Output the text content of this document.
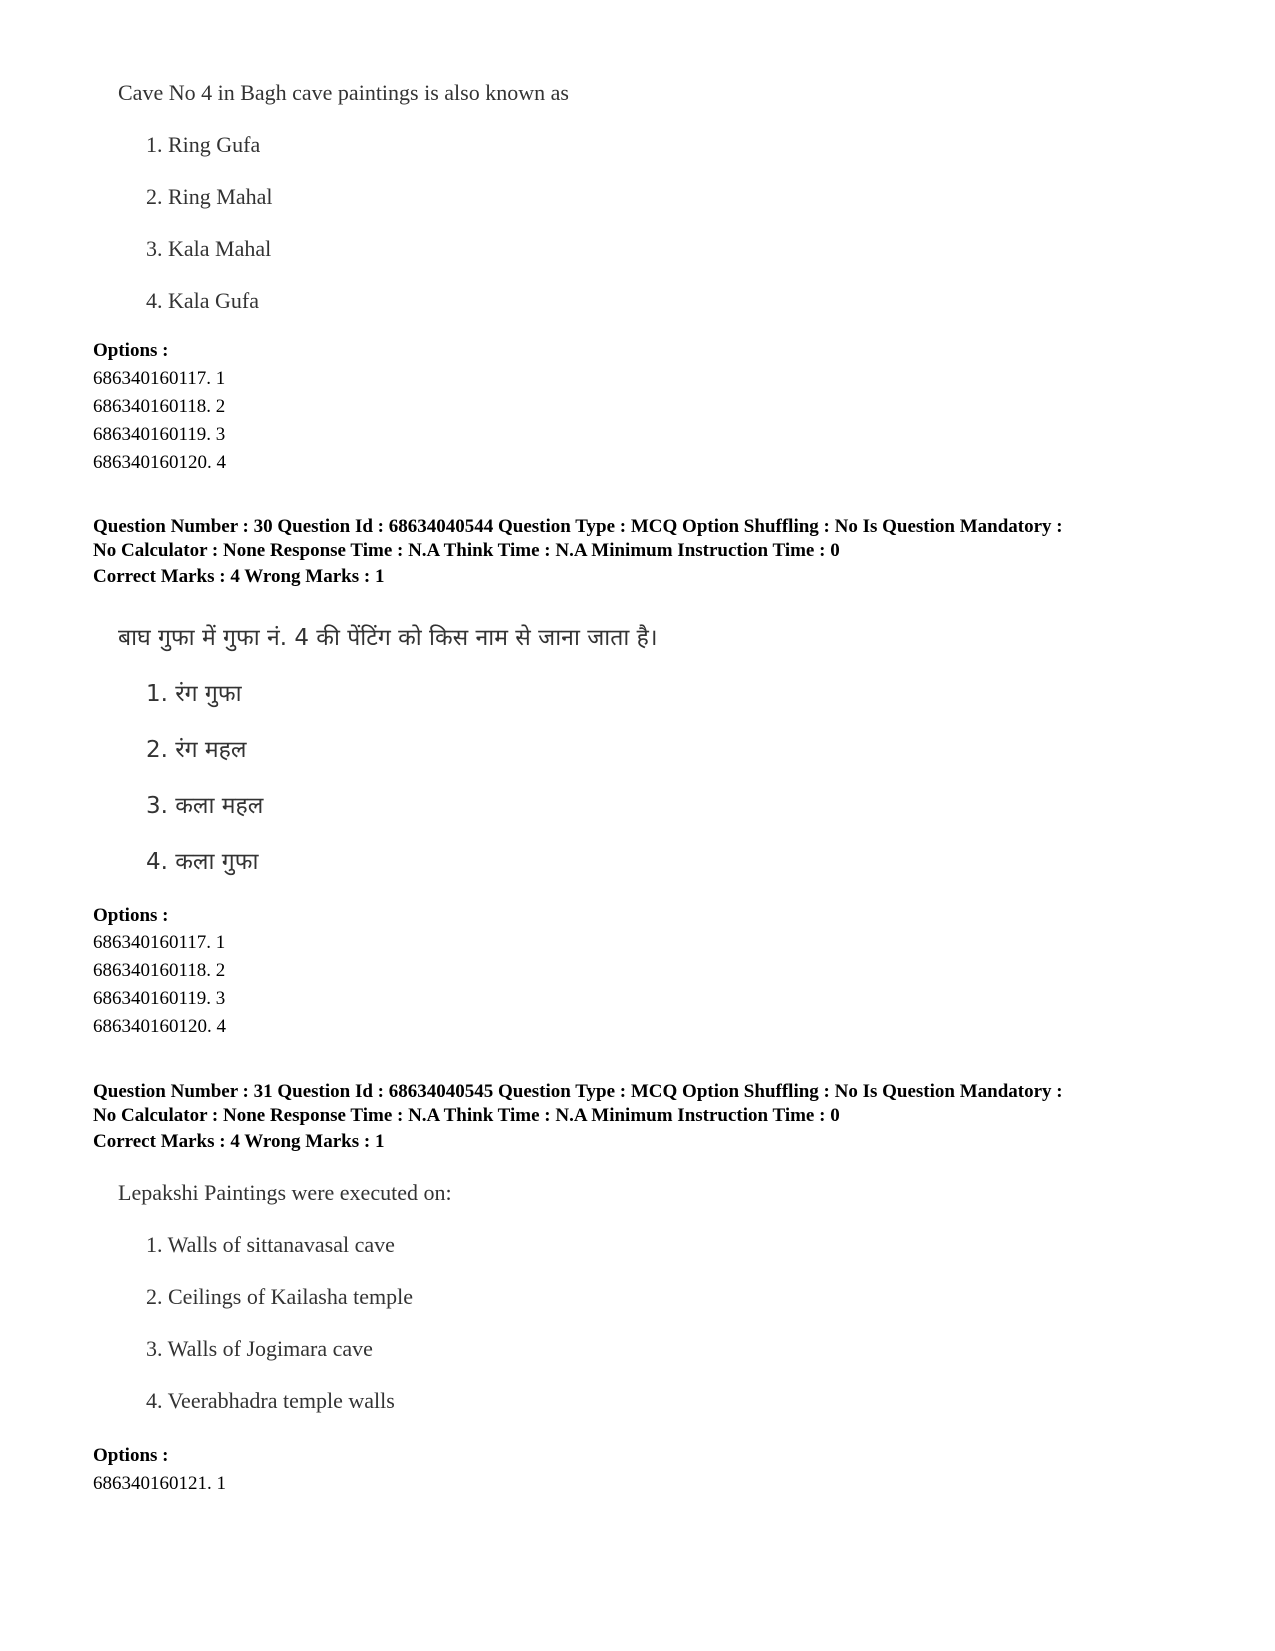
Cave No 4 in Bagh cave paintings is also known as
1. Ring Gufa
2. Ring Mahal
3. Kala Mahal
4. Kala Gufa
Options :
686340160117. 1
686340160118. 2
686340160119. 3
686340160120. 4
Question Number : 30 Question Id : 68634040544 Question Type : MCQ Option Shuffling : No Is Question Mandatory :
No Calculator : None Response Time : N.A Think Time : N.A Minimum Instruction Time : 0
Correct Marks : 4 Wrong Marks : 1
बाघ गुफा में गुफा नं. 4 की पेंटिंग को किस नाम से जाना जाता है।
1. रंग गुफा
2. रंग महल
3. कला महल
4. कला गुफा
Options :
686340160117. 1
686340160118. 2
686340160119. 3
686340160120. 4
Question Number : 31 Question Id : 68634040545 Question Type : MCQ Option Shuffling : No Is Question Mandatory :
No Calculator : None Response Time : N.A Think Time : N.A Minimum Instruction Time : 0
Correct Marks : 4 Wrong Marks : 1
Lepakshi Paintings were executed on:
1. Walls of sittanavasal cave
2. Ceilings of Kailasha temple
3. Walls of Jogimara cave
4. Veerabhadra temple walls
Options :
686340160121. 1
